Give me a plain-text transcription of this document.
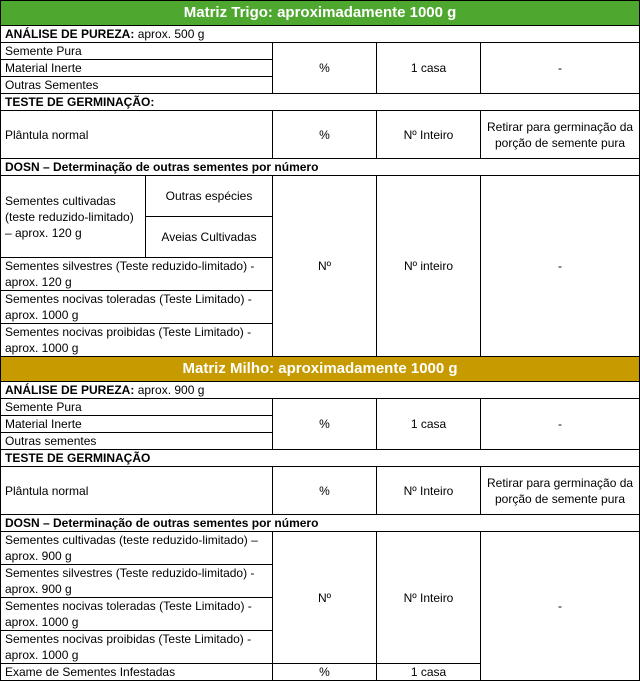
Matriz Trigo: aproximadamente 1000 g				
ANÁLISE DE PUREZA: aprox. 500 g				
Semente Pura		%	1 casa	-
Material Inerte				
Outras Sementes				
TESTE DE GERMINAÇÃO:				
Plântula normal		%	Nº Inteiro	Retirar para germinação da porção de semente pura
DOSN – Determinação de outras sementes por número				
Sementes cultivadas (teste reduzido-limitado) – aprox. 120 g	Outras espécies	Nº	Nº inteiro	-
	Aveias Cultivadas			
Sementes silvestres (Teste reduzido-limitado) - aprox. 120 g				
Sementes nocivas toleradas (Teste Limitado) - aprox. 1000 g				
Sementes nocivas proibidas (Teste Limitado) - aprox. 1000 g				
Matriz Milho: aproximadamente 1000 g				
ANÁLISE DE PUREZA: aprox. 900 g				
Semente Pura		%	1 casa	-
Material Inerte				
Outras sementes				
TESTE DE GERMINAÇÃO				
Plântula normal		%	Nº Inteiro	Retirar para germinação da porção de semente pura
DOSN – Determinação de outras sementes por número				
Sementes cultivadas (teste reduzido-limitado) – aprox. 900 g		Nº	Nº Inteiro	-
Sementes silvestres (Teste reduzido-limitado) - aprox. 900 g				
Sementes nocivas toleradas (Teste Limitado) - aprox. 1000 g				
Sementes nocivas proibidas (Teste Limitado) - aprox. 1000 g				
Exame de Sementes Infestadas		%	1 casa	
